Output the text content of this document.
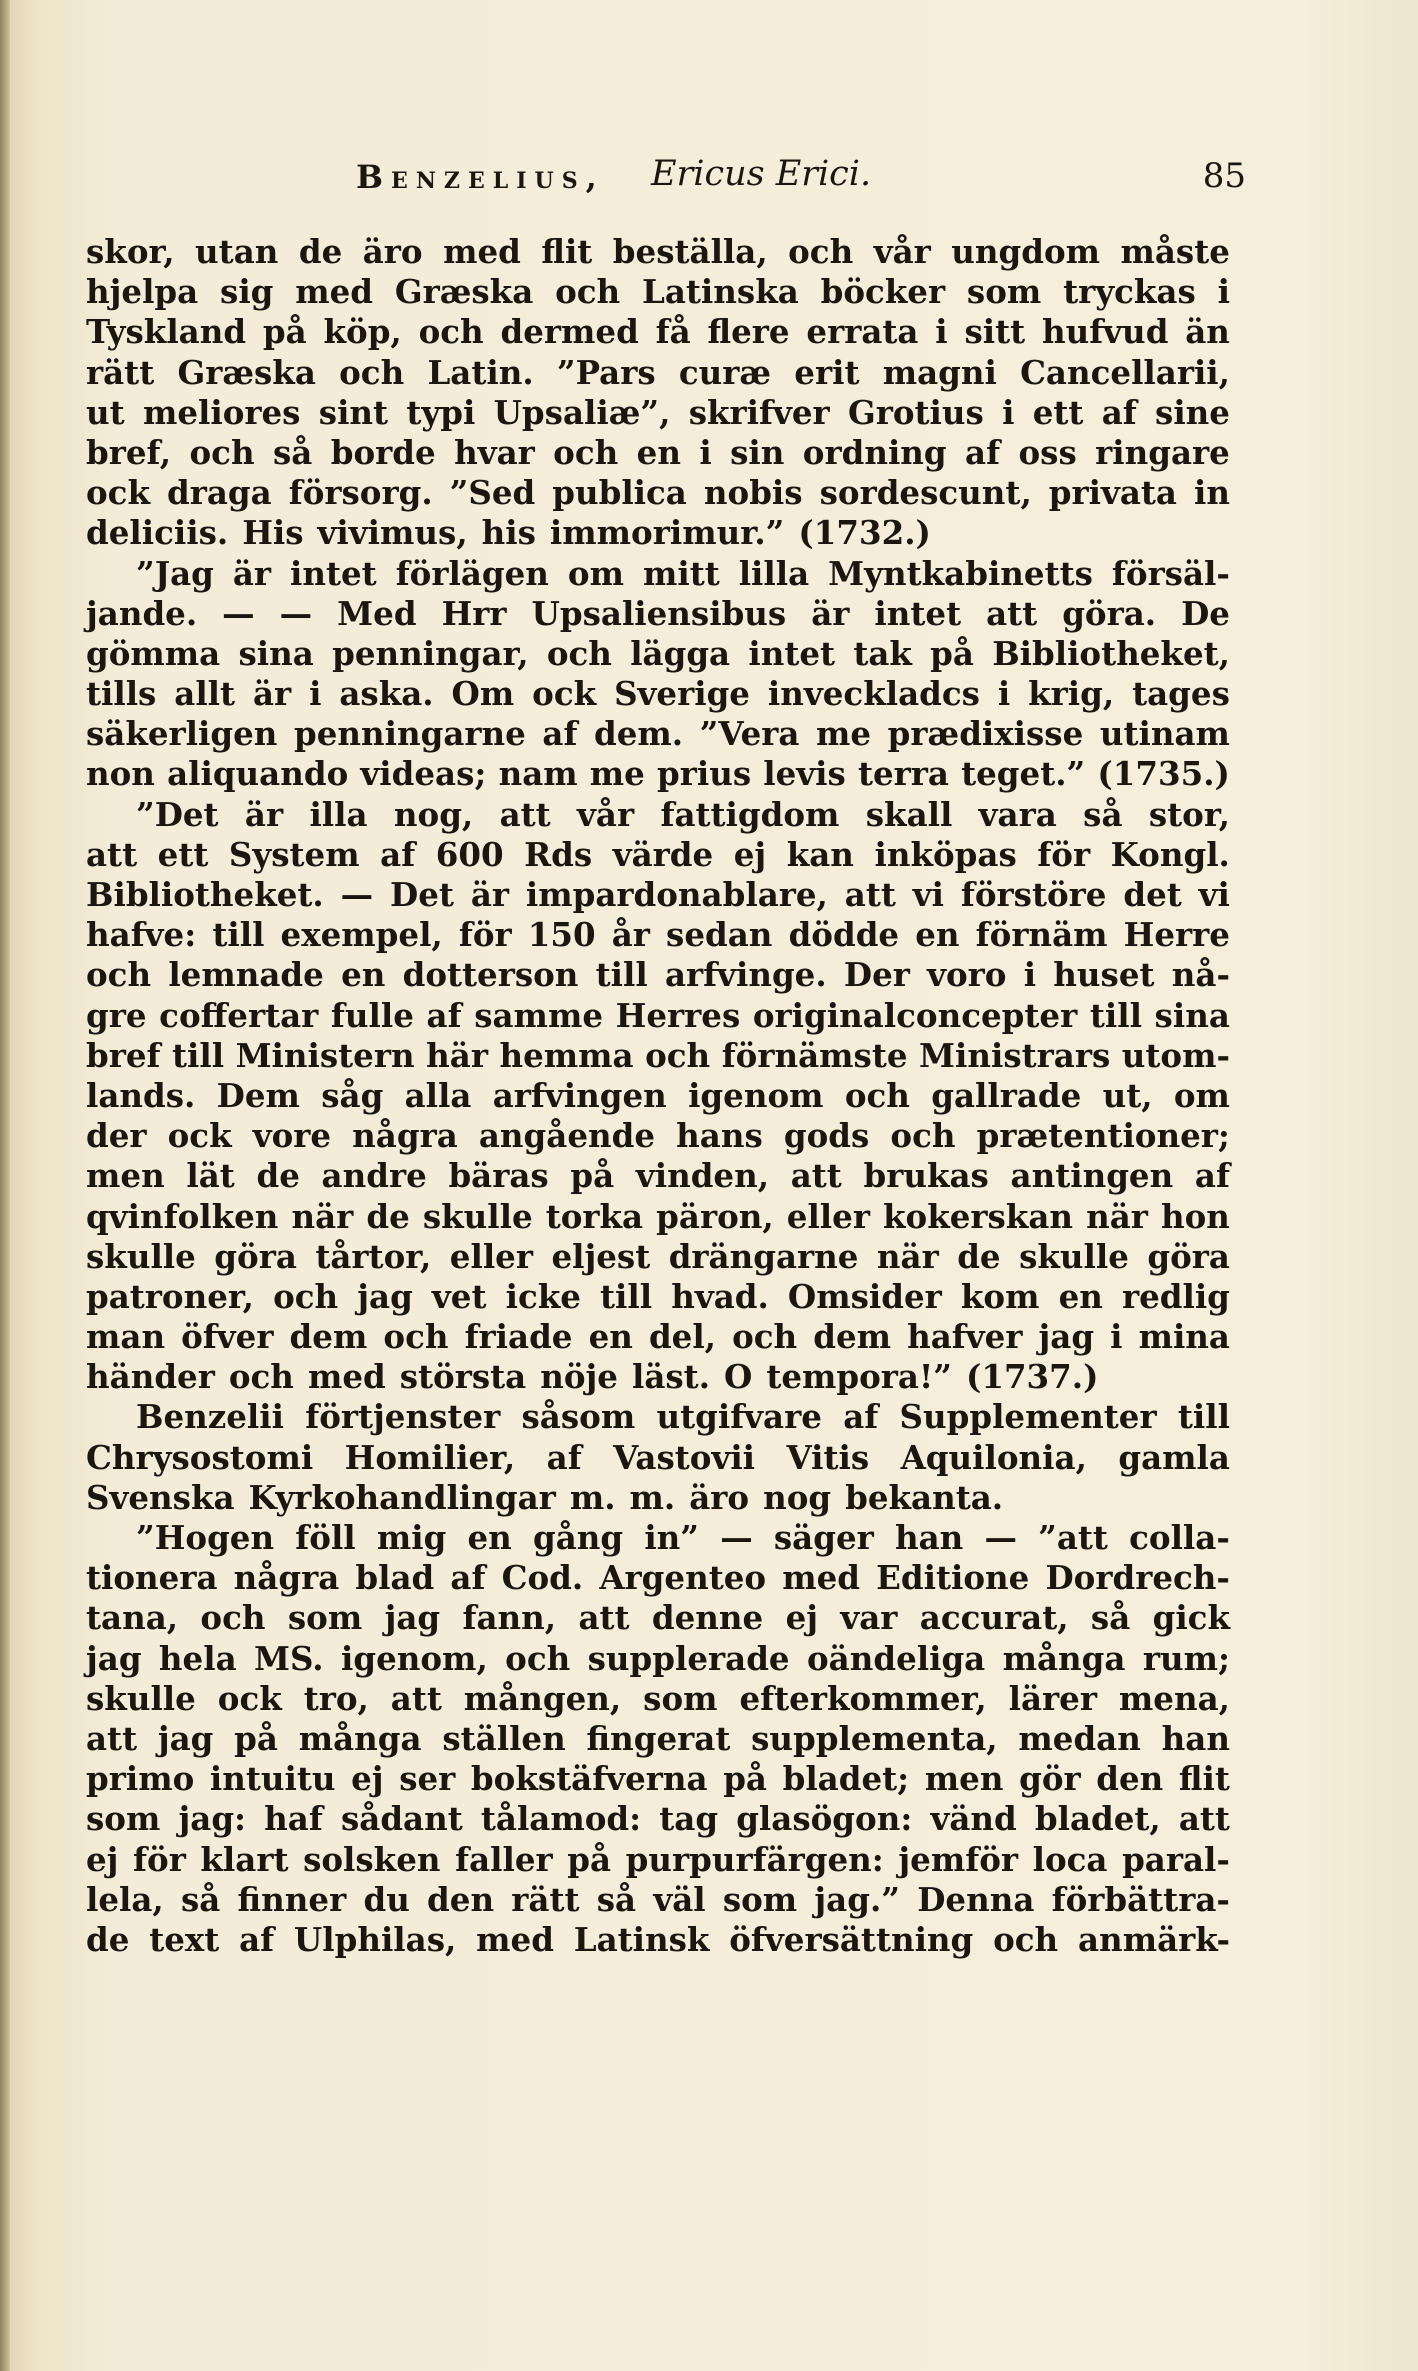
Benzelius, Ericus Erici.	85
skor, utan de äro med flit beställa, och vår ungdom måste
hjelpa sig med Græska och Latinska böcker som tryckas i
Tyskland på köp, och dermed få flere errata i sitt hufvud än
rätt Græska och Latin. ”Pars curæ erit magni Cancellarii,
ut meliores sint typi Upsaliæ”, skrifver Grotius i ett af sine
bref, och så borde hvar och en i sin ordning af oss ringare
ock draga försorg. ”Sed publica nobis sordescunt, privata in
deliciis. His vivimus, his immorimur.” (1732.)
”Jag är intet förlägen om mitt lilla Myntkabinetts försäl-
jande. — — Med Hrr Upsaliensibus är intet att göra. De
gömma sina penningar, och lägga intet tak på Bibliotheket,
tills allt är i aska. Om ock Sverige inveckladcs i krig, tages
säkerligen penningarne af dem. ”Vera me prædixisse utinam
non aliquando videas; nam me prius levis terra teget.” (1735.)
”Det är illa nog, att vår fattigdom skall vara så stor,
att ett System af 600 Rds värde ej kan inköpas för Kongl.
Bibliotheket. — Det är impardonablare, att vi förstöre det vi
hafve: till exempel, för 150 år sedan dödde en förnäm Herre
och lemnade en dotterson till arfvinge. Der voro i huset nå-
gre coffertar fulle af samme Herres originalconcepter till sina
bref till Ministern här hemma och förnämste Ministrars utom-
lands. Dem såg alla arfvingen igenom och gallrade ut, om
der ock vore några angående hans gods och prætentioner;
men lät de andre bäras på vinden, att brukas antingen af
qvinfolken när de skulle torka päron, eller kokerskan när hon
skulle göra tårtor, eller eljest drängarne när de skulle göra
patroner, och jag vet icke till hvad. Omsider kom en redlig
man öfver dem och friade en del, och dem hafver jag i mina
händer och med största nöje läst. O tempora!” (1737.)
Benzelii förtjenster såsom utgifvare af Supplementer till
Chrysostomi Homilier, af Vastovii Vitis Aquilonia, gamla
Svenska Kyrkohandlingar m. m. äro nog bekanta.
”Hogen föll mig en gång in” — säger han — ”att colla-
tionera några blad af Cod. Argenteo med Editione Dordrech-
tana, och som jag fann, att denne ej var accurat, så gick
jag hela MS. igenom, och supplerade oändeliga många rum;
skulle ock tro, att mången, som efterkommer, lärer mena,
att jag på många ställen fingerat supplementa, medan han
primo intuitu ej ser bokstäfverna på bladet; men gör den flit
som jag: haf sådant tålamod: tag glasögon: vänd bladet, att
ej för klart solsken faller på purpurfärgen: jemför loca paral-
lela, så finner du den rätt så väl som jag.” Denna förbättra-
de text af Ulphilas, med Latinsk öfversättning och anmärk-
